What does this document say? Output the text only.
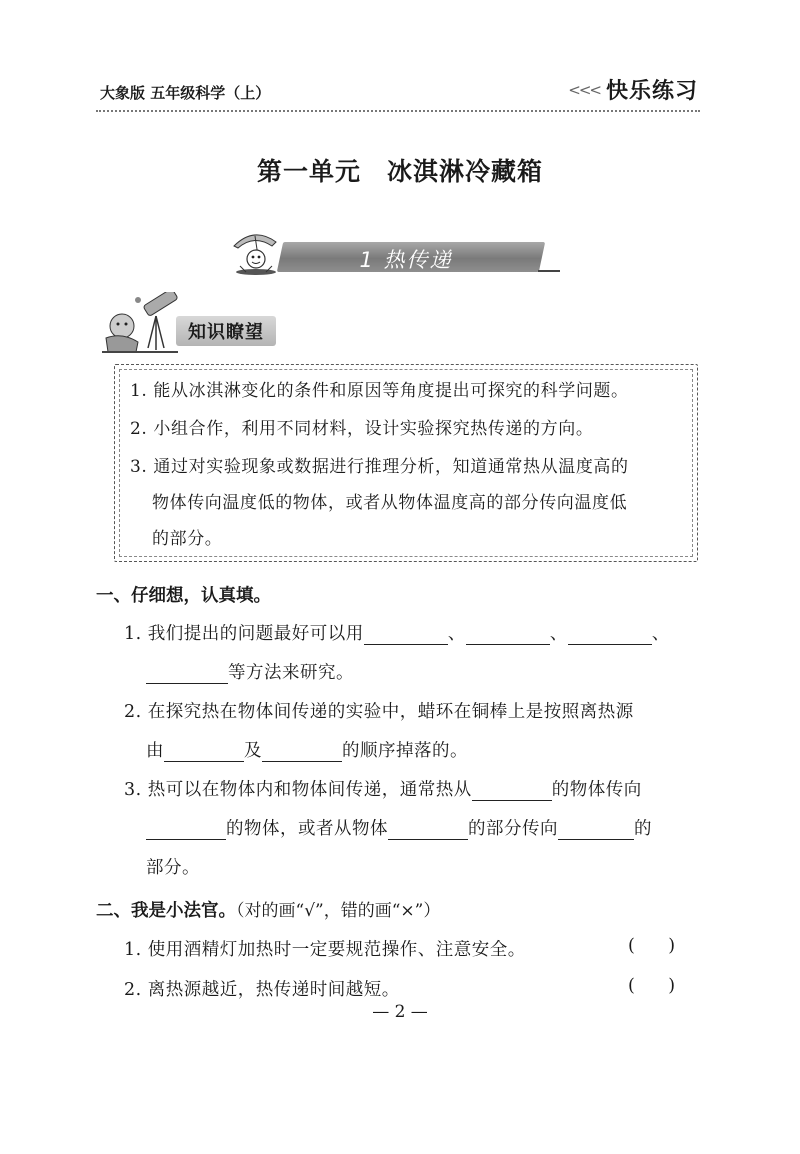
大象版 五年级科学（上）	<<< 快乐练习
第一单元 冰淇淋冷藏箱
1 热传递
知识瞭望
1. 能从冰淇淋变化的条件和原因等角度提出可探究的科学问题。
2. 小组合作，利用不同材料，设计实验探究热传递的方向。
3. 通过对实验现象或数据进行推理分析，知道通常热从温度高的
物体传向温度低的物体，或者从物体温度高的部分传向温度低
的部分。
一、仔细想，认真填。
1. 我们提出的问题最好可以用	、	、	、
等方法来研究。
2. 在探究热在物体间传递的实验中，蜡环在铜棒上是按照离热源
由	及	的顺序掉落的。
3. 热可以在物体内和物体间传递，通常热从	的物体传向
的物体，或者从物体	的部分传向	的
部分。
二、我是小法官。（对的画“√”，错的画“×”）
1. 使用酒精灯加热时一定要规范操作、注意安全。	(      )
2. 离热源越近，热传递时间越短。	(      )
— 2 —
